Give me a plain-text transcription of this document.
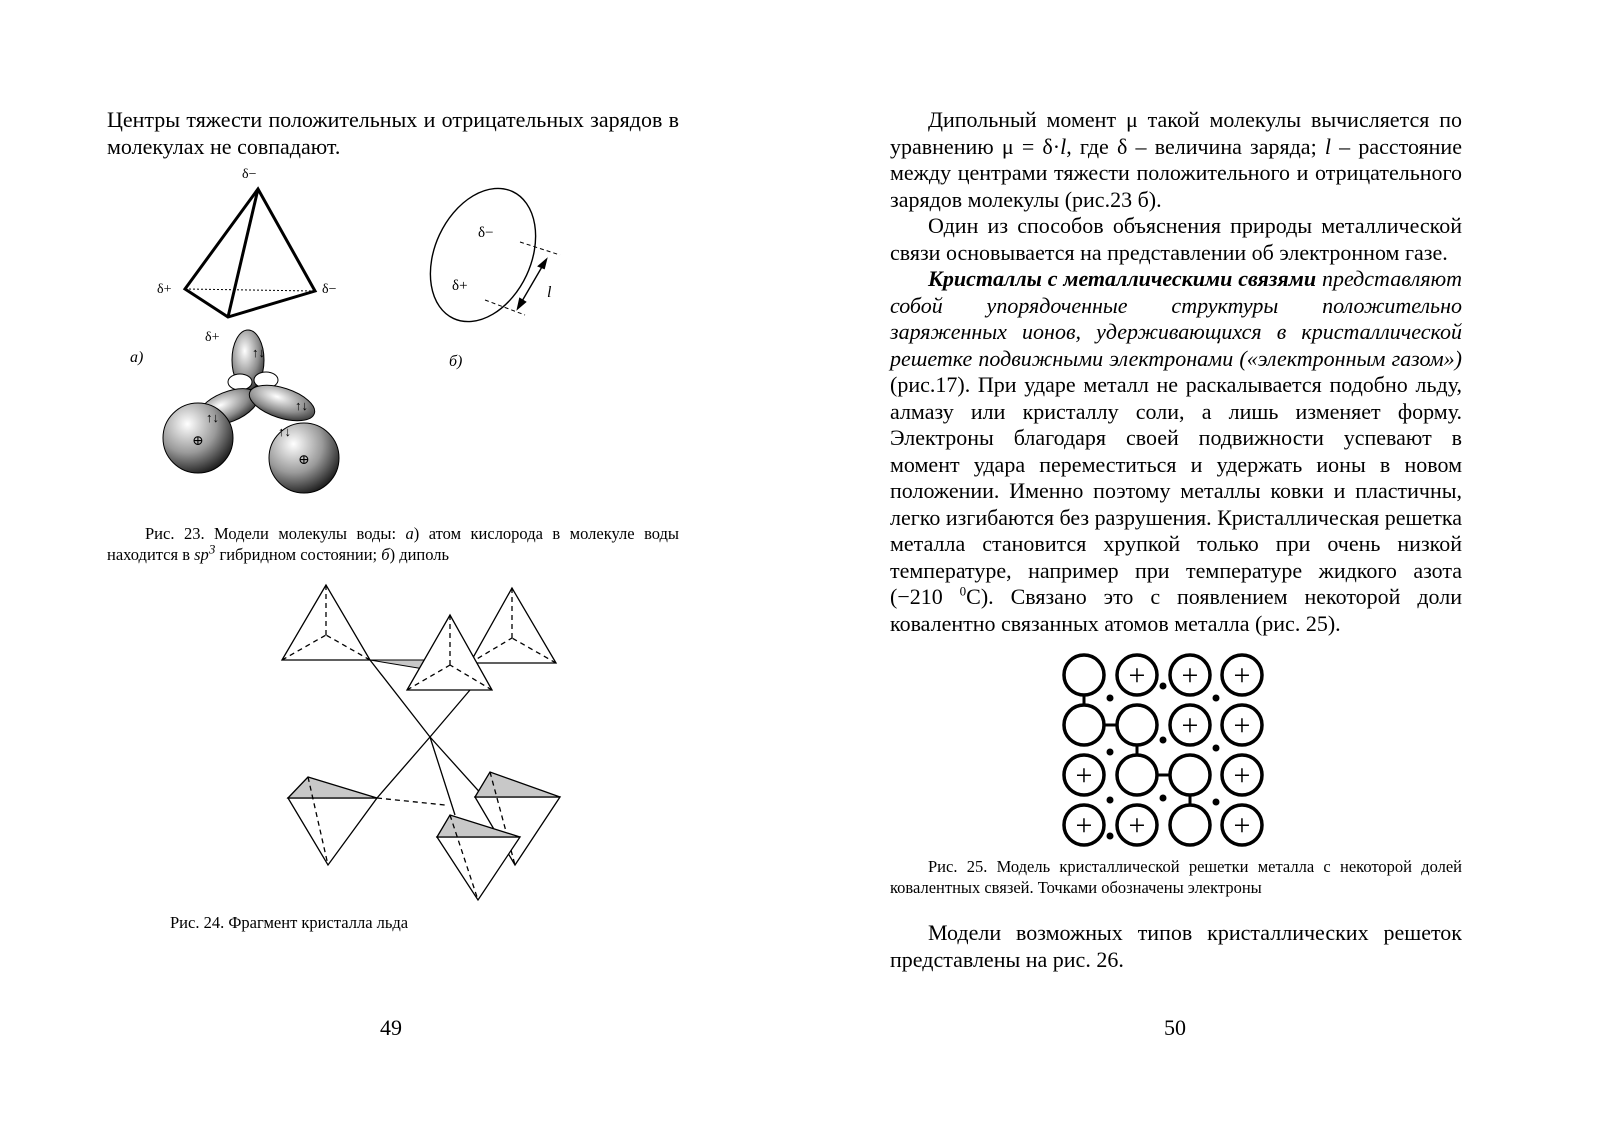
Центры тяжести положительных и отрицательных зарядов в молекулах не совпадают.

δ−
δ+	δ−
δ+
а)
⊕
⊕
↑↓
↑↓
↑↓
↑↓
δ−
δ+	l
б)

Рис. 23. Модели молекулы воды: а) атом кислорода в молекуле воды находится в $sp^3$ гибридном состоянии; б) диполь

Рис. 24. Фрагмент кристалла льда

49

Дипольный момент μ такой молекулы вычисляется по уравнению μ = δ·l, где δ – величина заряда; l – расстояние между центрами тяжести положительного и отрицательного зарядов молекулы (рис.23 б).

Один из способов объяснения природы металлической связи основывается на представлении об электронном газе.

Кристаллы с металлическими связями представляют собой упорядоченные структуры положительно заряженных ионов, удерживающихся в кристаллической решетке подвижными электронами («электронным газом») (рис.17). При ударе металл не раскалывается подобно льду, алмазу или кристаллу соли, а лишь изменяет форму. Электроны благодаря своей подвижности успевают в момент удара переместиться и удержать ионы в новом положении. Именно поэтому металлы ковки и пластичны, легко изгибаются без разрушения. Кристаллическая решетка металла становится хрупкой только при очень низкой температуре, например при температуре жидкого азота (−210 $^0$С). Связано это с появлением некоторой доли ковалентно связанных атомов металла (рис. 25).

+ + +
+ +
+	+
+ +	+

Рис. 25. Модель кристаллической решетки металла с некоторой долей ковалентных связей. Точками обозначены электроны

Модели возможных типов кристаллических решеток представлены на рис. 26.

50
